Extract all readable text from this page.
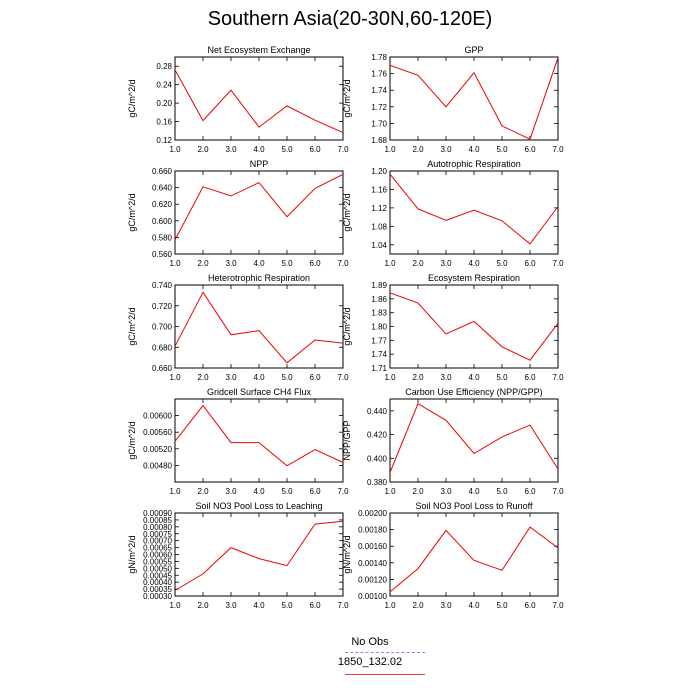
Southern Asia(20-30N,60-120E)
Net Ecosystem Exchange
gC/m^2/d
1.0 2.0 3.0 4.0 5.0 6.0 7.0
0.12
0.16
0.20
0.24
0.28
GPP
gC/m^2/d
1.0 2.0 3.0 4.0 5.0 6.0 7.0
1.68
1.70
1.72
1.74
1.76
1.78
NPP
gC/m^2/d
1.0 2.0 3.0 4.0 5.0 6.0 7.0
0.560
0.580
0.600
0.620
0.640
0.660
Autotrophic Respiration
gC/m^2/d
1.0 2.0 3.0 4.0 5.0 6.0 7.0
1.04
1.08
1.12
1.16
1.20
Heterotrophic Respiration
gC/m^2/d
1.0 2.0 3.0 4.0 5.0 6.0 7.0
0.660
0.680
0.700
0.720
0.740
Ecosystem Respiration
gC/m^2/d
1.0 2.0 3.0 4.0 5.0 6.0 7.0
1.71
1.74
1.77
1.80
1.83
1.86
1.89
Gridcell Surface CH4 Flux
gC/m^2/d
1.0 2.0 3.0 4.0 5.0 6.0 7.0
0.00480
0.00520
0.00560
0.00600
Carbon Use Efficiency (NPP/GPP)
NPP/GPP
1.0 2.0 3.0 4.0 5.0 6.0 7.0
0.380
0.400
0.420
0.440
Soil NO3 Pool Loss to Leaching
gN/m^2/d
1.0 2.0 3.0 4.0 5.0 6.0 7.0
0.00030
0.00035
0.00040
0.00045
0.00050
0.00055
0.00060
0.00065
0.00070
0.00075
0.00080
0.00085
0.00090
Soil NO3 Pool Loss to Runoff
gN/m^2/d
1.0 2.0 3.0 4.0 5.0 6.0 7.0
0.00100
0.00120
0.00140
0.00160
0.00180
0.00200
No Obs
1850_132.02
